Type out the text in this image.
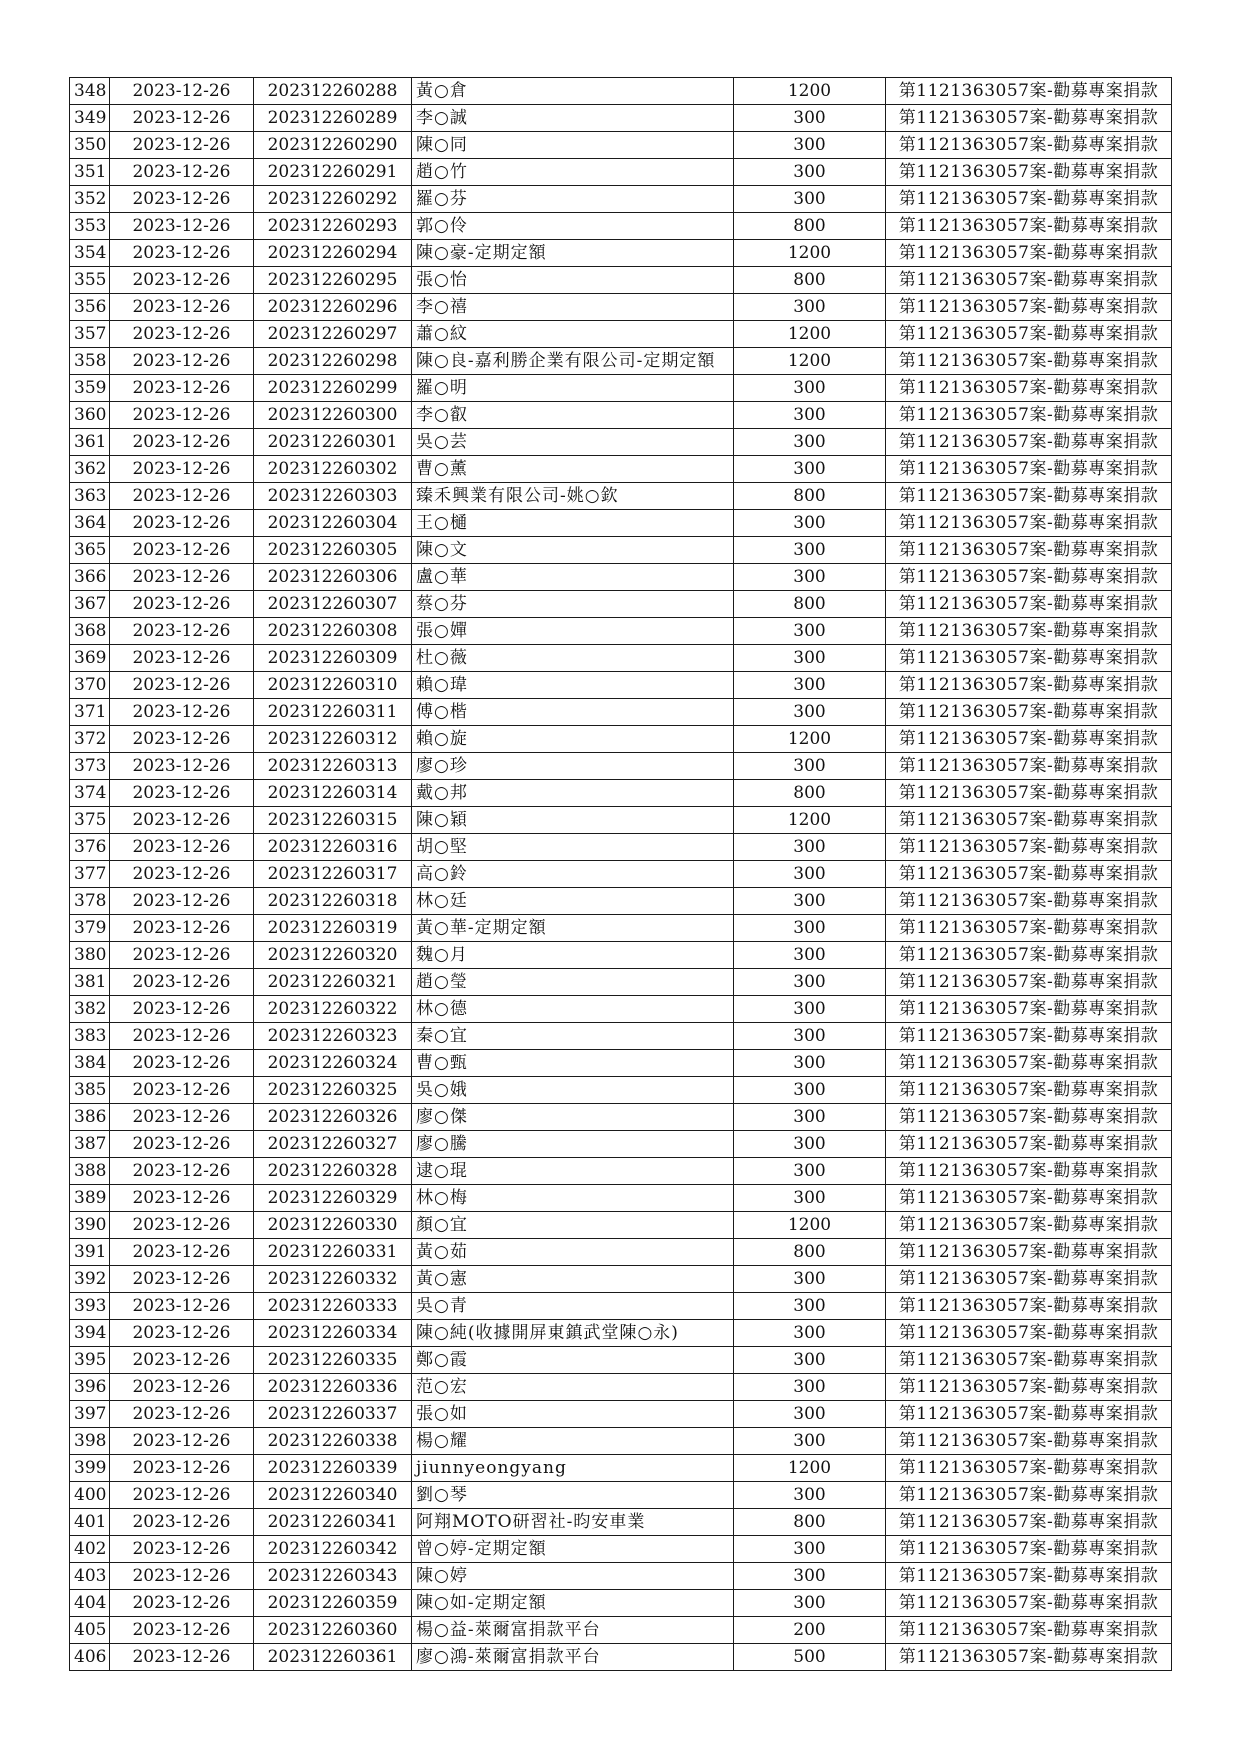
348	2023-12-26	202312260288	黃○倉	1200	第1121363057案-勸募專案捐款
349	2023-12-26	202312260289	李○誠	300	第1121363057案-勸募專案捐款
350	2023-12-26	202312260290	陳○同	300	第1121363057案-勸募專案捐款
351	2023-12-26	202312260291	趙○竹	300	第1121363057案-勸募專案捐款
352	2023-12-26	202312260292	羅○芬	300	第1121363057案-勸募專案捐款
353	2023-12-26	202312260293	郭○伶	800	第1121363057案-勸募專案捐款
354	2023-12-26	202312260294	陳○豪-定期定額	1200	第1121363057案-勸募專案捐款
355	2023-12-26	202312260295	張○怡	800	第1121363057案-勸募專案捐款
356	2023-12-26	202312260296	李○禧	300	第1121363057案-勸募專案捐款
357	2023-12-26	202312260297	蕭○紋	1200	第1121363057案-勸募專案捐款
358	2023-12-26	202312260298	陳○良-嘉利勝企業有限公司-定期定額	1200	第1121363057案-勸募專案捐款
359	2023-12-26	202312260299	羅○明	300	第1121363057案-勸募專案捐款
360	2023-12-26	202312260300	李○叡	300	第1121363057案-勸募專案捐款
361	2023-12-26	202312260301	吳○芸	300	第1121363057案-勸募專案捐款
362	2023-12-26	202312260302	曹○薰	300	第1121363057案-勸募專案捐款
363	2023-12-26	202312260303	臻禾興業有限公司-姚○欽	800	第1121363057案-勸募專案捐款
364	2023-12-26	202312260304	王○樋	300	第1121363057案-勸募專案捐款
365	2023-12-26	202312260305	陳○文	300	第1121363057案-勸募專案捐款
366	2023-12-26	202312260306	盧○華	300	第1121363057案-勸募專案捐款
367	2023-12-26	202312260307	蔡○芬	800	第1121363057案-勸募專案捐款
368	2023-12-26	202312260308	張○嬋	300	第1121363057案-勸募專案捐款
369	2023-12-26	202312260309	杜○薇	300	第1121363057案-勸募專案捐款
370	2023-12-26	202312260310	賴○瑋	300	第1121363057案-勸募專案捐款
371	2023-12-26	202312260311	傅○楷	300	第1121363057案-勸募專案捐款
372	2023-12-26	202312260312	賴○旋	1200	第1121363057案-勸募專案捐款
373	2023-12-26	202312260313	廖○珍	300	第1121363057案-勸募專案捐款
374	2023-12-26	202312260314	戴○邦	800	第1121363057案-勸募專案捐款
375	2023-12-26	202312260315	陳○穎	1200	第1121363057案-勸募專案捐款
376	2023-12-26	202312260316	胡○堅	300	第1121363057案-勸募專案捐款
377	2023-12-26	202312260317	高○鈴	300	第1121363057案-勸募專案捐款
378	2023-12-26	202312260318	林○廷	300	第1121363057案-勸募專案捐款
379	2023-12-26	202312260319	黃○華-定期定額	300	第1121363057案-勸募專案捐款
380	2023-12-26	202312260320	魏○月	300	第1121363057案-勸募專案捐款
381	2023-12-26	202312260321	趙○瑩	300	第1121363057案-勸募專案捐款
382	2023-12-26	202312260322	林○德	300	第1121363057案-勸募專案捐款
383	2023-12-26	202312260323	秦○宜	300	第1121363057案-勸募專案捐款
384	2023-12-26	202312260324	曹○甄	300	第1121363057案-勸募專案捐款
385	2023-12-26	202312260325	吳○娥	300	第1121363057案-勸募專案捐款
386	2023-12-26	202312260326	廖○傑	300	第1121363057案-勸募專案捐款
387	2023-12-26	202312260327	廖○騰	300	第1121363057案-勸募專案捐款
388	2023-12-26	202312260328	逮○琨	300	第1121363057案-勸募專案捐款
389	2023-12-26	202312260329	林○梅	300	第1121363057案-勸募專案捐款
390	2023-12-26	202312260330	顏○宜	1200	第1121363057案-勸募專案捐款
391	2023-12-26	202312260331	黃○茹	800	第1121363057案-勸募專案捐款
392	2023-12-26	202312260332	黃○憲	300	第1121363057案-勸募專案捐款
393	2023-12-26	202312260333	吳○青	300	第1121363057案-勸募專案捐款
394	2023-12-26	202312260334	陳○純(收據開屏東鎮武堂陳○永)	300	第1121363057案-勸募專案捐款
395	2023-12-26	202312260335	鄭○霞	300	第1121363057案-勸募專案捐款
396	2023-12-26	202312260336	范○宏	300	第1121363057案-勸募專案捐款
397	2023-12-26	202312260337	張○如	300	第1121363057案-勸募專案捐款
398	2023-12-26	202312260338	楊○耀	300	第1121363057案-勸募專案捐款
399	2023-12-26	202312260339	jiunnyeongyang	1200	第1121363057案-勸募專案捐款
400	2023-12-26	202312260340	劉○琴	300	第1121363057案-勸募專案捐款
401	2023-12-26	202312260341	阿翔MOTO研習社-昀安車業	800	第1121363057案-勸募專案捐款
402	2023-12-26	202312260342	曾○婷-定期定額	300	第1121363057案-勸募專案捐款
403	2023-12-26	202312260343	陳○婷	300	第1121363057案-勸募專案捐款
404	2023-12-26	202312260359	陳○如-定期定額	300	第1121363057案-勸募專案捐款
405	2023-12-26	202312260360	楊○益-萊爾富捐款平台	200	第1121363057案-勸募專案捐款
406	2023-12-26	202312260361	廖○鴻-萊爾富捐款平台	500	第1121363057案-勸募專案捐款
